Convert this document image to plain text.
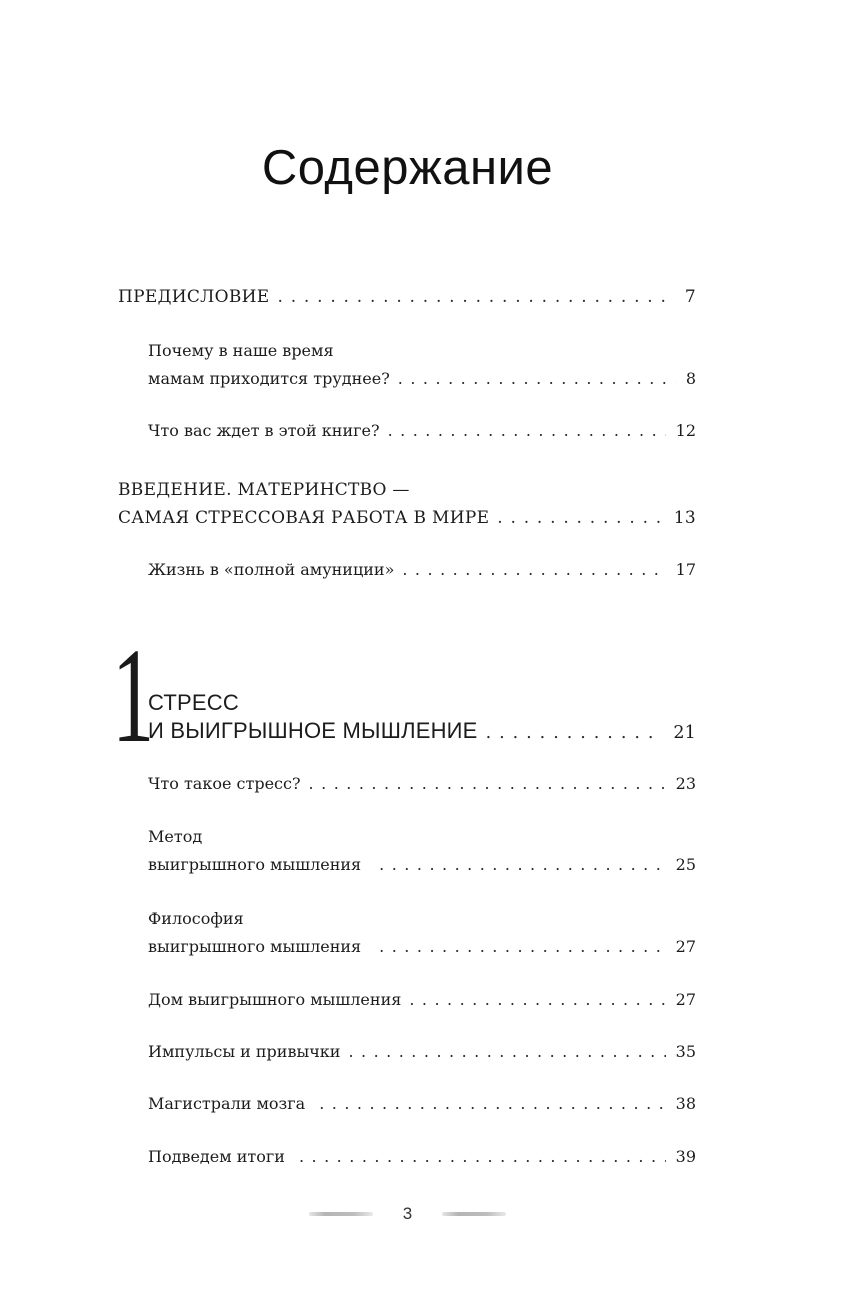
Содержание
ПРЕДИСЛОВИЕ . . .	7
Почему в наше время
мамам приходится труднее? . . .	8
Что вас ждет в этой книге? . . .	12
ВВЕДЕНИЕ. МАТЕРИНСТВО —
САМАЯ СТРЕССОВАЯ РАБОТА В МИРЕ . . .	13
Жизнь в «полной амуниции» . . .	17
1
СТРЕСС
И ВЫИГРЫШНОЕ МЫШЛЕНИЕ . . .	21
Что такое стресс? . . .	23
Метод
выигрышного мышления . . .	25
Философия
выигрышного мышления . . .	27
Дом выигрышного мышления . . .	27
Импульсы и привычки . . .	35
Магистрали мозга . . .	38
Подведем итоги . . .	39
3
